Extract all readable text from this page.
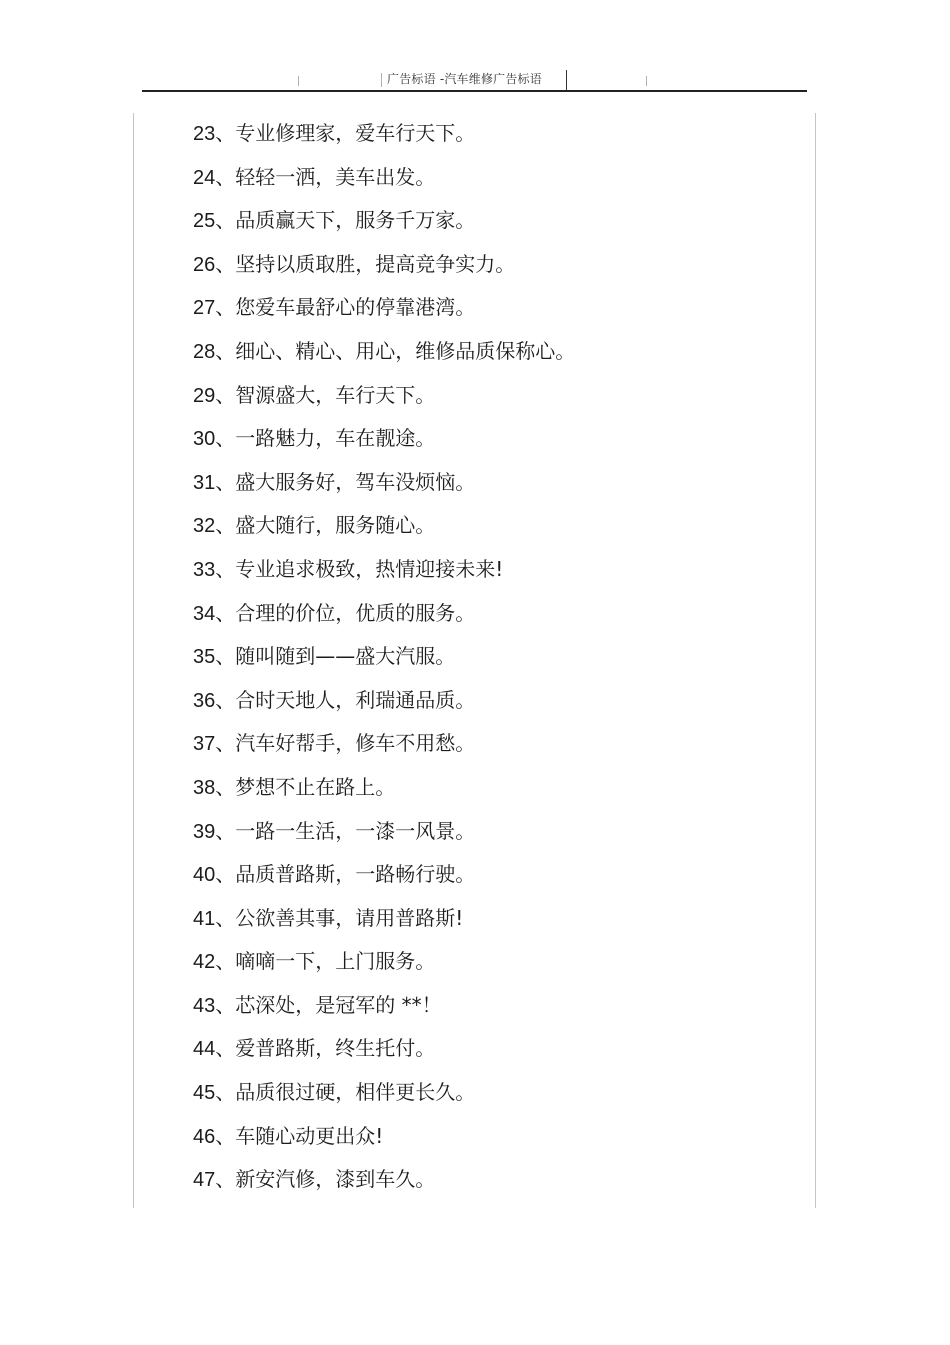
广告标语 -汽车维修广告标语
23、专业修理家，爱车行天下。
24、轻轻一洒，美车出发。
25、品质赢天下，服务千万家。
26、坚持以质取胜，提高竞争实力。
27、您爱车最舒心的停靠港湾。
28、细心、精心、用心，维修品质保称心。
29、智源盛大，车行天下。
30、一路魅力，车在靓途。
31、盛大服务好，驾车没烦恼。
32、盛大随行，服务随心。
33、专业追求极致，热情迎接未来!
34、合理的价位，优质的服务。
35、随叫随到——盛大汽服。
36、合时天地人，利瑞通品质。
37、汽车好帮手，修车不用愁。
38、梦想不止在路上。
39、一路一生活，一漆一风景。
40、品质普路斯，一路畅行驶。
41、公欲善其事，请用普路斯!
42、嘀嘀一下，上门服务。
43、芯深处，是冠军的 **！
44、爱普路斯，终生托付。
45、品质很过硬，相伴更长久。
46、车随心动更出众!
47、新安汽修，漆到车久。
